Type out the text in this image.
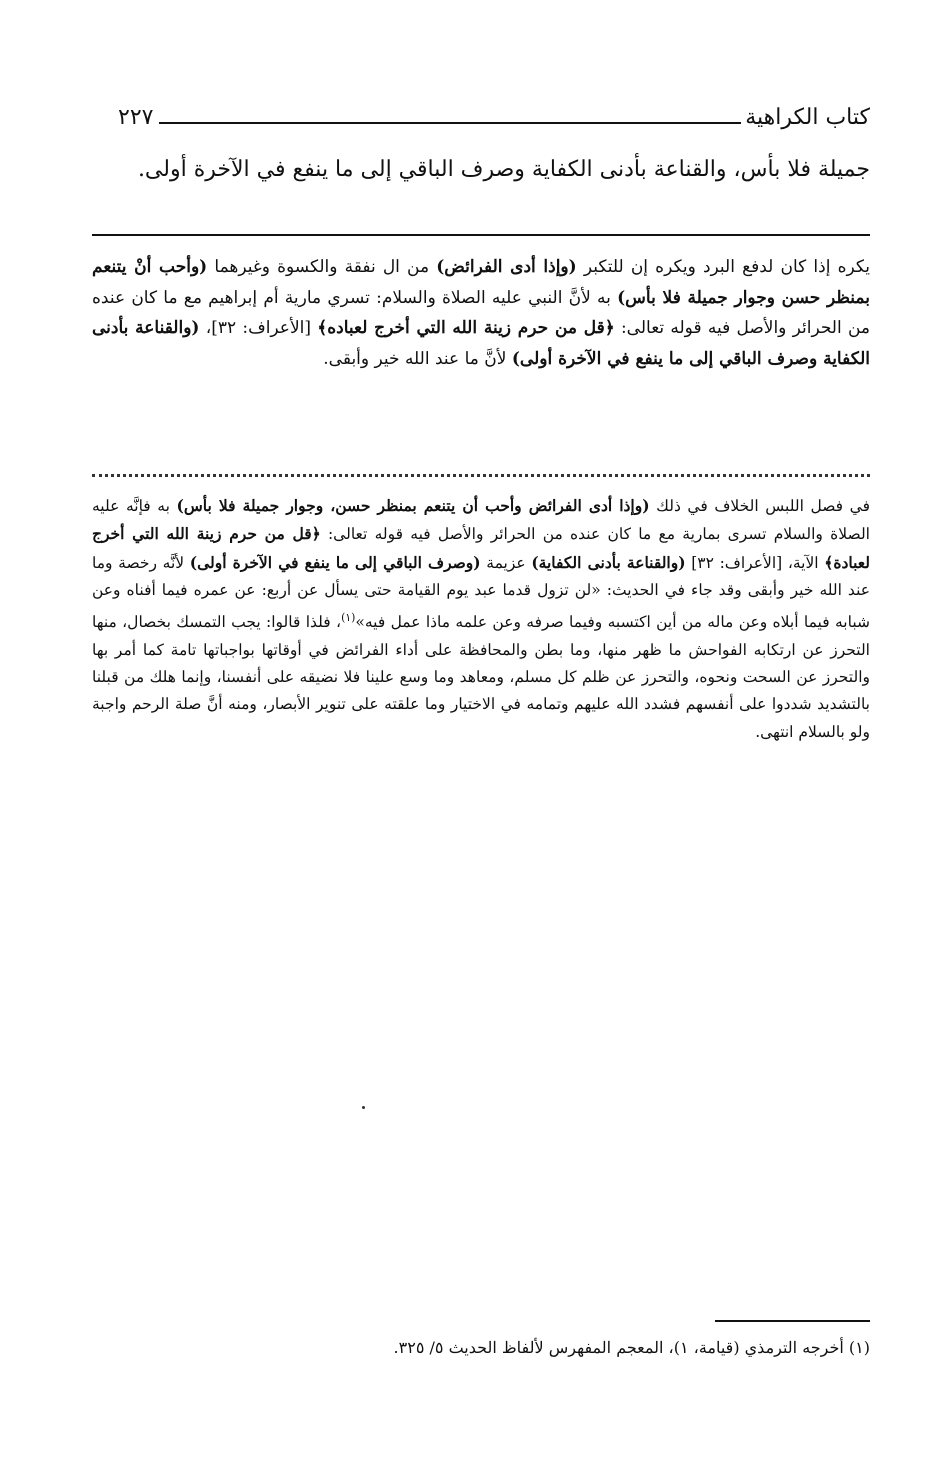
كتاب الكراهية
٢٢٧
جميلة فلا بأس، والقناعة بأدنى الكفاية وصرف الباقي إلى ما ينفع في الآخرة أولى.
يكره إذا كان لدفع البرد ويكره إن للتكبر (وإذا أدى الفرائض) من ال نفقة والكسوة وغيرهما (وأحب أنْ يتنعم بمنظر حسن وجوار جميلة فلا بأس) به لأنَّ النبي عليه الصلاة والسلام: تسري مارية أم إبراهيم مع ما كان عنده من الحرائر والأصل فيه قوله تعالى: ﴿قل من حرم زينة الله التي أخرج لعباده﴾ [الأعراف: ٣٢]، (والقناعة بأدنى الكفاية وصرف الباقي إلى ما ينفع في الآخرة أولى) لأنَّ ما عند الله خير وأبقى.
في فصل اللبس الخلاف في ذلك (وإذا أدى الفرائض وأحب أن يتنعم بمنظر حسن، وجوار جميلة فلا بأس) به فإنَّه عليه الصلاة والسلام تسرى بمارية مع ما كان عنده من الحرائر والأصل فيه قوله تعالى: ﴿قل من حرم زينة الله التي أخرج لعبادة﴾ الآية، [الأعراف: ٣٢] (والقناعة بأدنى الكفاية) عزيمة (وصرف الباقي إلى ما ينفع في الآخرة أولى) لأنَّه رخصة وما عند الله خير وأبقى وقد جاء في الحديث: «لن تزول قدما عبد يوم القيامة حتى يسأل عن أربع: عن عمره فيما أفناه وعن شبابه فيما أبلاه وعن ماله من أين اكتسبه وفيما صرفه وعن علمه ماذا عمل فيه»$^{(١)}$، فلذا قالوا: يجب التمسك بخصال، منها التحرز عن ارتكابه الفواحش ما ظهر منها، وما بطن والمحافظة على أداء الفرائض في أوقاتها بواجباتها تامة كما أمر بها والتحرز عن السحت ونحوه، والتحرز عن ظلم كل مسلم، ومعاهد وما وسع علينا فلا نضيقه على أنفسنا، وإنما هلك من قبلنا بالتشديد شددوا على أنفسهم فشدد الله عليهم وتمامه في الاختيار وما علقته على تنوير الأبصار، ومنه أنَّ صلة الرحم واجبة ولو بالسلام انتهى.
(١) أخرجه الترمذي (قيامة، ١)، المعجم المفهرس لألفاظ الحديث ٥/ ٣٢٥.
